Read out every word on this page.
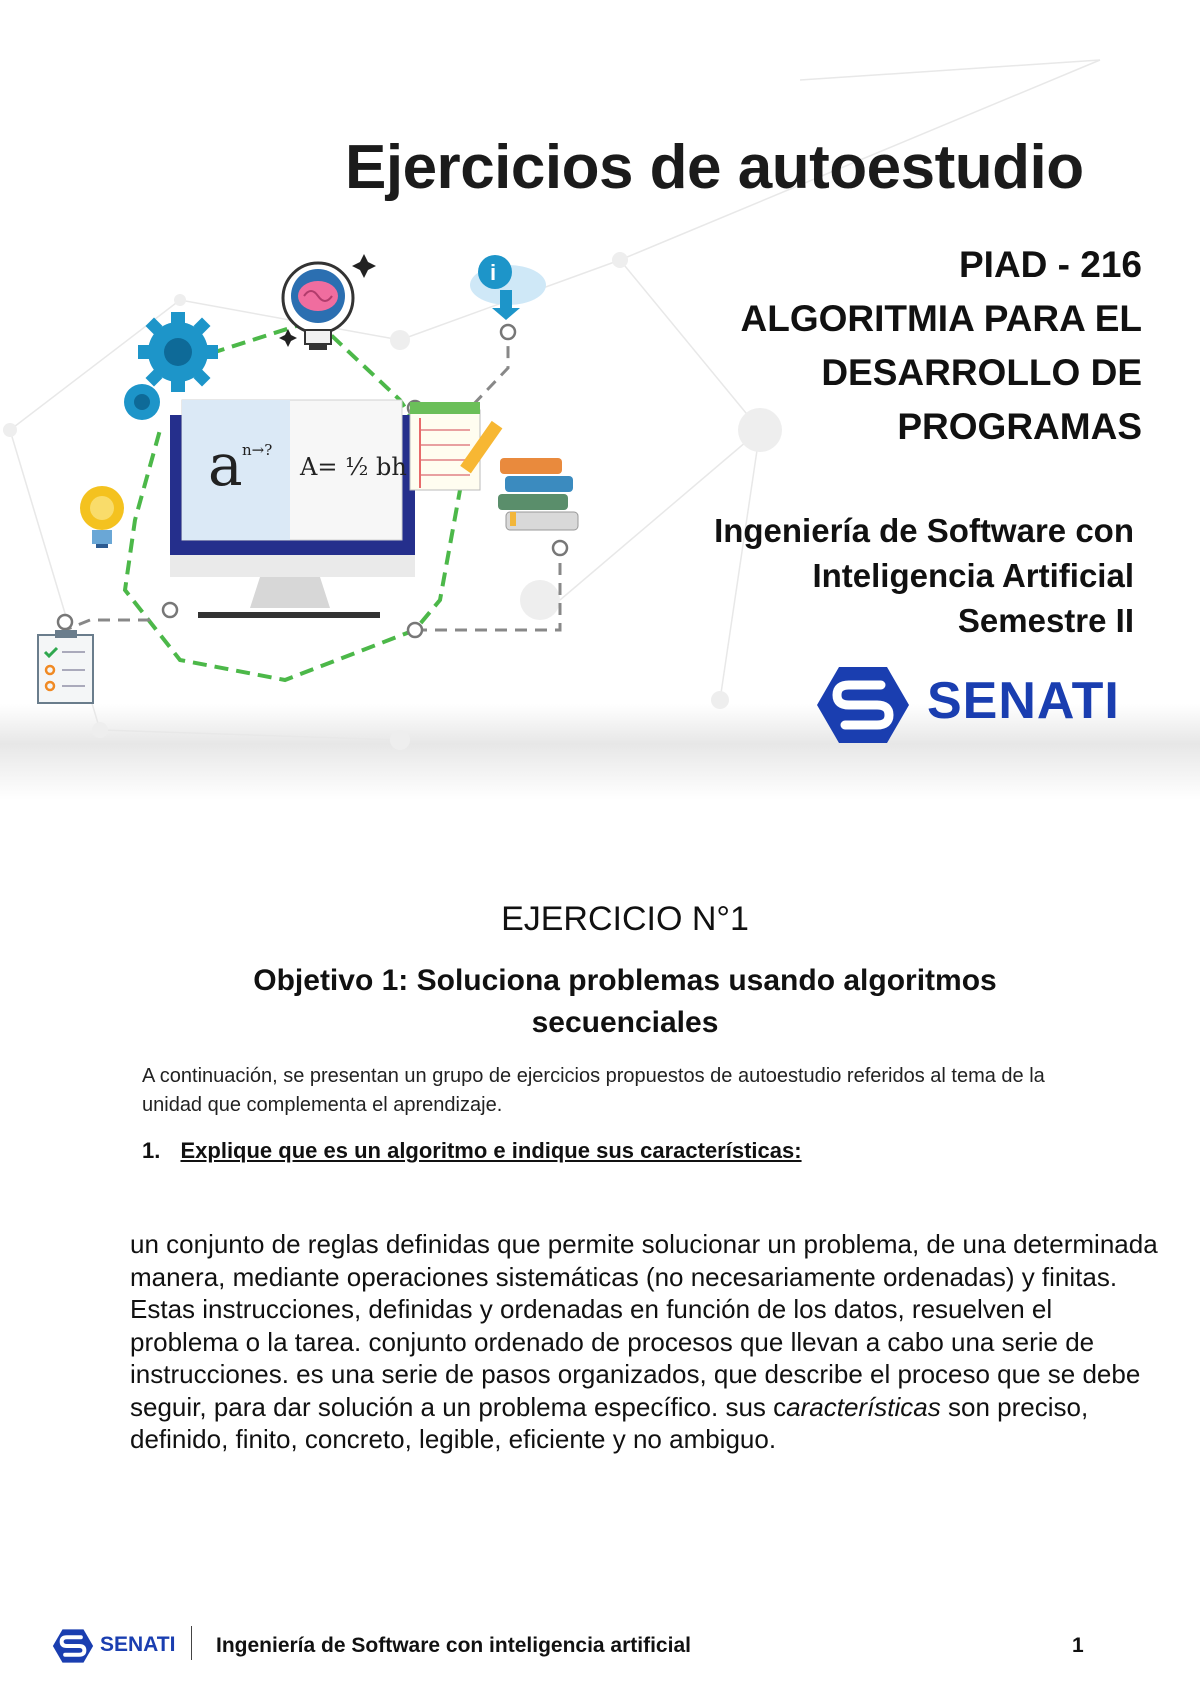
i
a n→?
A= ½ bh
Ejercicios de autoestudio
PIAD - 216
ALGORITMIA PARA EL
DESARROLLO DE
PROGRAMAS
Ingeniería de Software con
Inteligencia Artificial
Semestre II
SENATI
EJERCICIO N°1
Objetivo 1: Soluciona problemas usando algoritmos secuenciales
A continuación, se presentan un grupo de ejercicios propuestos de autoestudio referidos al tema de la unidad que complementa el aprendizaje.
1. Explique que es un algoritmo e indique sus características:
un conjunto de reglas definidas que permite solucionar un problema, de una determinada manera, mediante operaciones sistemáticas (no necesariamente ordenadas) y finitas. Estas instrucciones, definidas y ordenadas en función de los datos, resuelven el problema o la tarea. conjunto ordenado de procesos que llevan a cabo una serie de instrucciones. es una serie de pasos organizados, que describe el proceso que se debe seguir, para dar solución a un problema específico. sus características son preciso, definido, finito, concreto, legible, eficiente y no ambiguo.
SENATI Ingeniería de Software con inteligencia artificial	1
